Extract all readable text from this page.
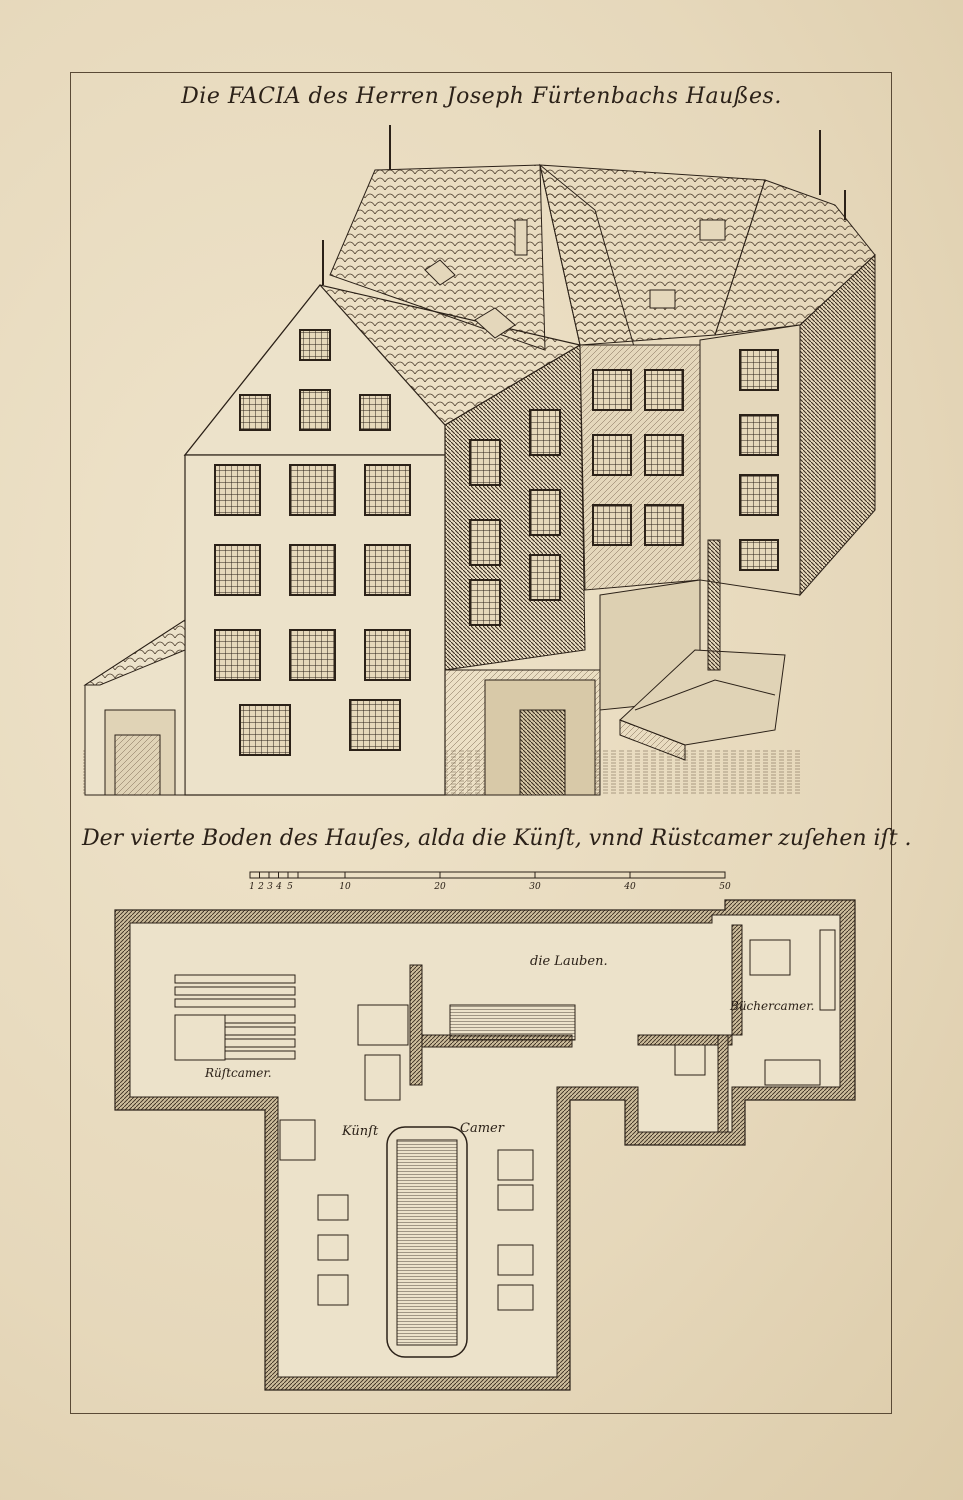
Die FACIA des Herren Joseph Fürtenbachs Haußes.
Der vierte Boden des Hauſes, alda die Künſt, vnnd Rüstcamer zuſehen iſt .
1 2 3 4 5	10	20	30	40	50
die Lauben.
Büchercamer.
Rüſtcamer.
Künſt	Camer
